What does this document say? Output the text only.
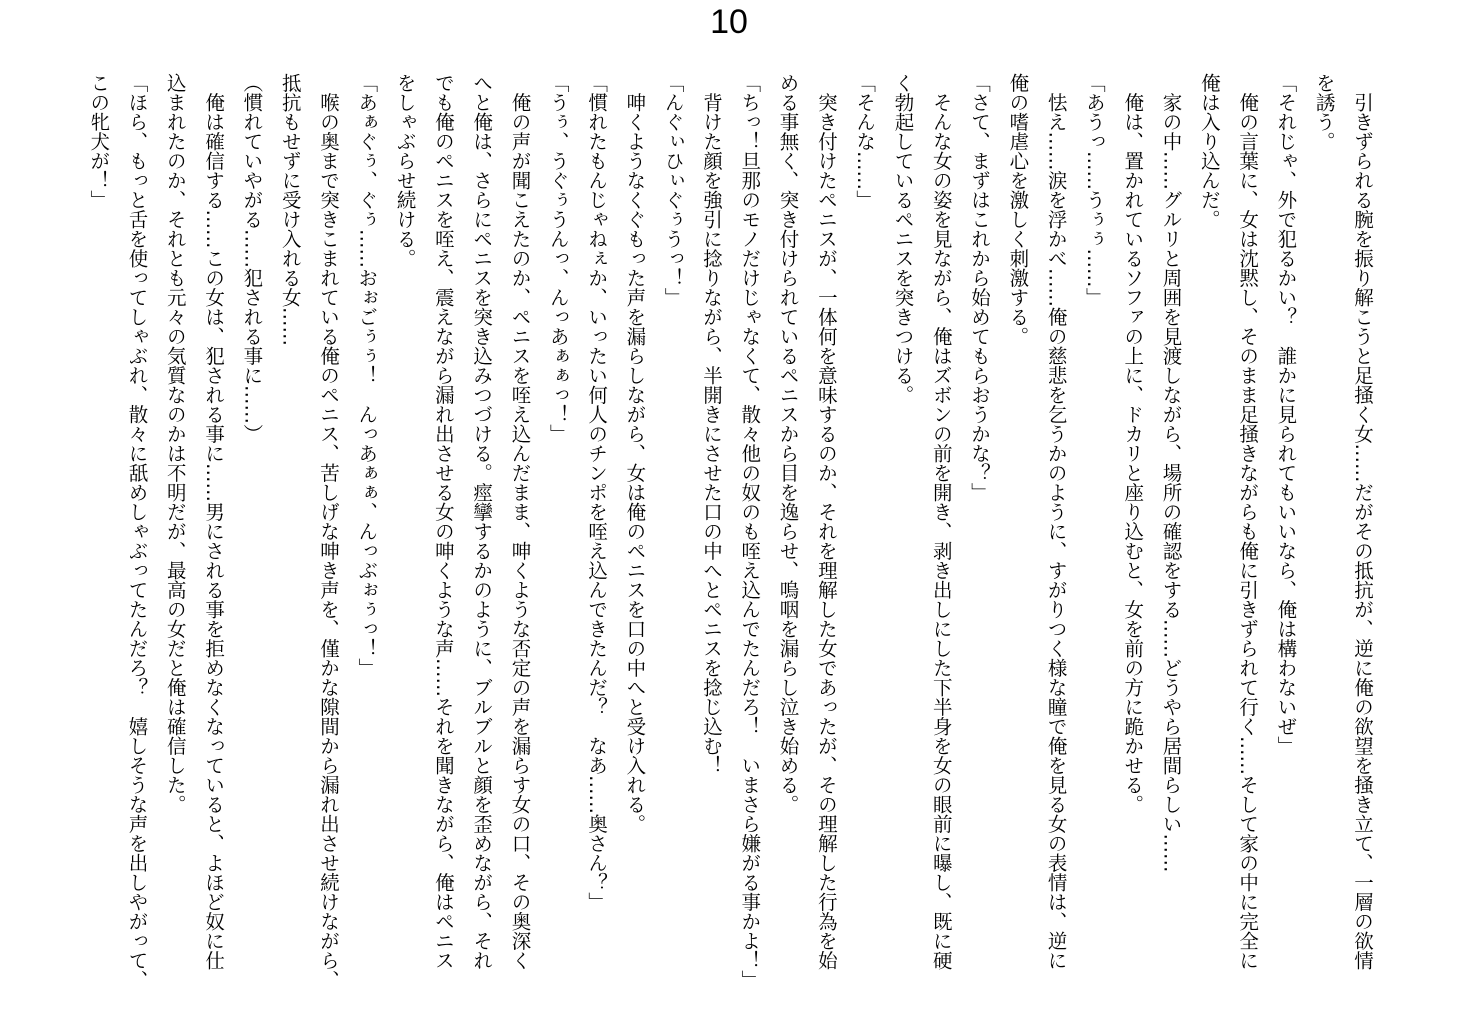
10
　引きずられる腕を振り解こうと足掻く女……だがその抵抗が、逆に俺の欲望を掻き立て、一層の欲情
を誘う。
「それじゃ、外で犯るかい？　誰かに見られてもいいなら、俺は構わないぜ」
　俺の言葉に、女は沈黙し、そのまま足掻きながらも俺に引きずられて行く……そして家の中に完全に
俺は入り込んだ。
　家の中……グルリと周囲を見渡しながら、場所の確認をする……どうやら居間らしい……
　俺は、置かれているソファの上に、ドカリと座り込むと、女を前の方に跪かせる。
「あうっ……うぅぅ……」
　怯え……涙を浮かべ……俺の慈悲を乞うかのように、すがりつく様な瞳で俺を見る女の表情は、逆に
俺の嗜虐心を激しく刺激する。
「さて、まずはこれから始めてもらおうかな？」
　そんな女の姿を見ながら、俺はズボンの前を開き、剥き出しにした下半身を女の眼前に曝し、既に硬
く勃起しているペニスを突きつける。
「そんな……」
　突き付けたペニスが、一体何を意味するのか、それを理解した女であったが、その理解した行為を始
める事無く、突き付けられているペニスから目を逸らせ、嗚咽を漏らし泣き始める。
「ちっ！旦那のモノだけじゃなくて、散々他の奴のも咥え込んでたんだろ！　いまさら嫌がる事かよ！」
　背けた顔を強引に捻りながら、半開きにさせた口の中へとペニスを捻じ込む！
「んぐぃひぃぐぅうっ！」
　呻くようなくぐもった声を漏らしながら、女は俺のペニスを口の中へと受け入れる。
「慣れたもんじゃねぇか、いったい何人のチンポを咥え込んできたんだ？　なあ……奥さん？」
「うぅ、うぐぅうんっ、んっあぁぁっ！」
　俺の声が聞こえたのか、ペニスを咥え込んだまま、呻くような否定の声を漏らす女の口、その奥深く
へと俺は、さらにペニスを突き込みつづける。痙攣するかのように、ブルブルと顔を歪めながら、それ
でも俺のペニスを咥え、震えながら漏れ出させる女の呻くような声……それを聞きながら、俺はペニス
をしゃぶらせ続ける。
「あぁぐぅ、ぐぅ……おぉごぅぅ！　んっあぁぁ、んっぶぉぅっ！」
　喉の奥まで突きこまれている俺のペニス、苦しげな呻き声を、僅かな隙間から漏れ出させ続けながら、
抵抗もせずに受け入れる女……
（慣れていやがる……犯される事に……）
　俺は確信する……この女は、犯される事に……男にされる事を拒めなくなっていると、よほど奴に仕
込まれたのか、それとも元々の気質なのかは不明だが、最高の女だと俺は確信した。
「ほら、もっと舌を使ってしゃぶれ、散々に舐めしゃぶってたんだろ？　嬉しそうな声を出しやがって、
この牝犬が！」
